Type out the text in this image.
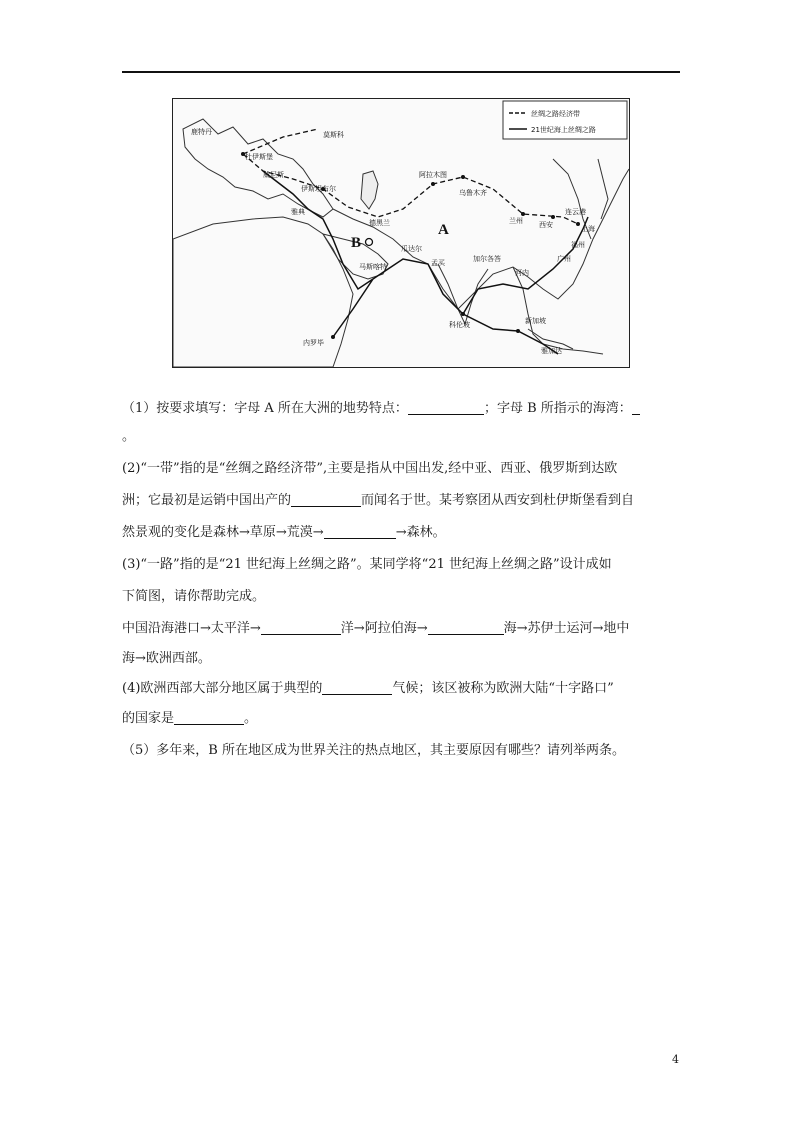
丝绸之路经济带
21世纪海上丝绸之路
鹿特丹	莫斯科
杜伊斯堡
威尼斯
伊斯坦布尔
雅典
德黑兰
阿拉木图
乌鲁木齐
兰州 西安
连云港
上海
福州
广州
瓜达尔
马斯喀特
加尔各答
孟买
河内
科伦坡	新加坡
雅加达
内罗毕
A
B
（1）按要求填写：字母 A 所在大洲的地势特点：	；字母 B 所指示的海湾：
。
(2)“一带”指的是“丝绸之路经济带”,主要是指从中国出发,经中亚、西亚、俄罗斯到达欧
洲；它最初是运销中国出产的	而闻名于世。某考察团从西安到杜伊斯堡看到自
然景观的变化是森林→草原→荒漠→	→森林。
(3)“一路”指的是“21 世纪海上丝绸之路”。某同学将“21 世纪海上丝绸之路”设计成如
下简图，请你帮助完成。
中国沿海港口→太平洋→	洋→阿拉伯海→	海→苏伊士运河→地中
海→欧洲西部。
(4)欧洲西部大部分地区属于典型的	气候；该区被称为欧洲大陆“十字路口”
的国家是	。
（5）多年来，B 所在地区成为世界关注的热点地区，其主要原因有哪些？请列举两条。
4
